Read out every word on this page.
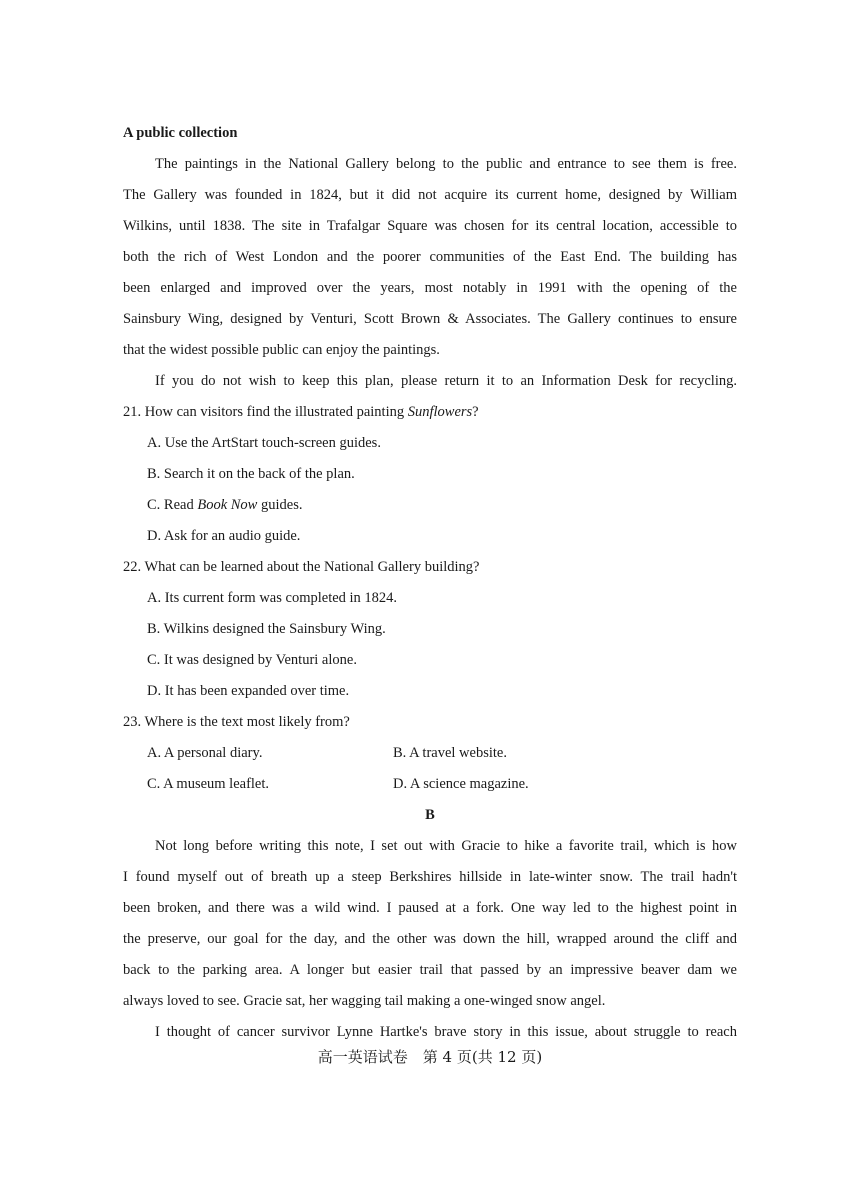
A public collection
The paintings in the National Gallery belong to the public and entrance to see them is free.
The Gallery was founded in 1824, but it did not acquire its current home, designed by William
Wilkins, until 1838. The site in Trafalgar Square was chosen for its central location, accessible to
both the rich of West London and the poorer communities of the East End. The building has
been enlarged and improved over the years, most notably in 1991 with the opening of the
Sainsbury Wing, designed by Venturi, Scott Brown & Associates. The Gallery continues to ensure
that the widest possible public can enjoy the paintings.
If you do not wish to keep this plan, please return it to an Information Desk for recycling.
21. How can visitors find the illustrated painting Sunflowers?
A. Use the ArtStart touch-screen guides.
B. Search it on the back of the plan.
C. Read Book Now guides.
D. Ask for an audio guide.
22. What can be learned about the National Gallery building?
A. Its current form was completed in 1824.
B. Wilkins designed the Sainsbury Wing.
C. It was designed by Venturi alone.
D. It has been expanded over time.
23. Where is the text most likely from?
A. A personal diary.	B. A travel website.
C. A museum leaflet.	D. A science magazine.
B
Not long before writing this note, I set out with Gracie to hike a favorite trail, which is how
I found myself out of breath up a steep Berkshires hillside in late-winter snow. The trail hadn't
been broken, and there was a wild wind. I paused at a fork. One way led to the highest point in
the preserve, our goal for the day, and the other was down the hill, wrapped around the cliff and
back to the parking area. A longer but easier trail that passed by an impressive beaver dam we
always loved to see. Gracie sat, her wagging tail making a one-winged snow angel.
I thought of cancer survivor Lynne Hartke's brave story in this issue, about struggle to reach
高一英语试卷　第 4 页(共 12 页)
